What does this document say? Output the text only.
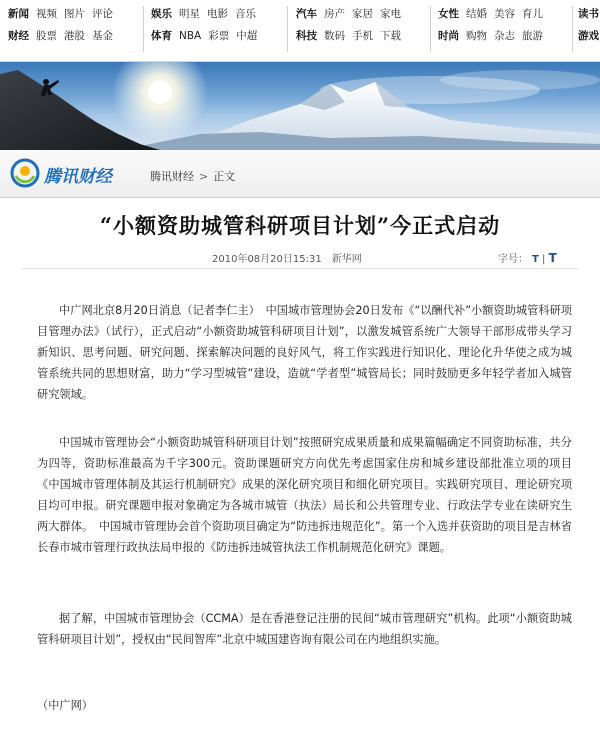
新闻 视频 图片 评论
财经 股票 港股 基金
娱乐 明星 电影 音乐
体育 NBA 彩票 中超
汽车 房产 家居 家电
科技 数码 手机 下载
女性 结婚 美容 育儿
时尚 购物 杂志 旅游
读书
游戏
腾讯财经	腾讯财经 > 正文
“小额资助城管科研项目计划”今正式启动
2010年08月20日15:31 新华网	字号： T | T

中广网北京8月20日消息（记者李仁主）　中国城市管理协会20日发布《“以酬代补”小额资助城管科研项目管理办法》（试行），正式启动“小额资助城管科研项目计划”，以激发城管系统广大领导干部形成带头学习新知识、思考问题、研究问题、探索解决问题的良好风气，将工作实践进行知识化、理论化升华使之成为城管系统共同的思想财富，助力“学习型城管”建设，造就“学者型”城管局长；同时鼓励更多年轻学者加入城管研究领域。

中国城市管理协会“小额资助城管科研项目计划”按照研究成果质量和成果篇幅确定不同资助标准，共分为四等，资助标准最高为千字300元。资助课题研究方向优先考虑国家住房和城乡建设部批准立项的项目《中国城市管理体制及其运行机制研究》成果的深化研究项目和细化研究项目。实践研究项目、理论研究项目均可申报。研究课题申报对象确定为各城市城管（执法）局长和公共管理专业、行政法学专业在读研究生两大群体。　中国城市管理协会首个资助项目确定为“防违拆违规范化”。第一个入选并获资助的项目是吉林省长春市城市管理行政执法局申报的《防违拆违城管执法工作机制规范化研究》课题。

据了解，中国城市管理协会（CCMA）是在香港登记注册的民间“城市管理研究”机构。此项“小额资助城管科研项目计划”，授权由“民间智库”北京中城国建咨询有限公司在内地组织实施。

（中广网）
